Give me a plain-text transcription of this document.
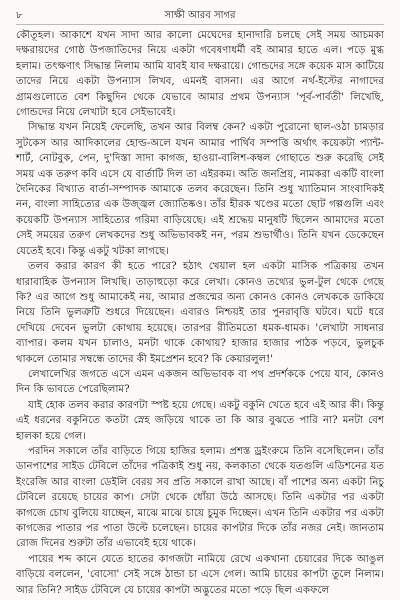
৮	সাক্ষী আরব সাগর

কৌতূহল। আকাশে যখন সাদা আর কালো মেঘেদের হানাদারি চলছে সেই সময় আচমকা দক্ষরায়দের গোষ্ঠ উপজাতিদের নিয়ে একটা গবেষণাধর্মী বই আমার হাতে এল। পড়ে মুগ্ধ হলাম। তৎক্ষণাৎ সিদ্ধান্ত নিলাম আমি যাবই যাব দক্ষরায়ে। গোন্ডদের সঙ্গে কয়েক মাস কাটিয়ে তাদের নিয়ে একটা উপন্যাস লিখব, এমনই বাসনা। এর আগে নর্থ-ইস্টের নাগাদের গ্রামগুলোতে বেশ কিছুদিন থেকে যেভাবে আমার প্রথম উপন্যাস 'পূর্ব-পার্বতী' লিখেছি, গোন্ডদের নিয়ে লেখাটা হবে সেইভাবেই।

সিদ্ধান্ত যখন নিয়েই ফেলেছি, তখন আর বিলম্ব কেন? একটা পুরোনো ছাল-ওঠা চামড়ার সুটকেস আর আদিকালের হোল্ড-অলে যখন আমার পার্থিব সম্পত্তি অর্থাৎ কয়েকটা প্যান্ট-শার্ট, নোটবুক, পেন, দু'দিস্তা সাদা কাগজ, হাওয়া-বালিশ-কম্বল গোছাতে শুরু করেছি সেই সময় এক তরুণ কবি এসে যে বার্তাটি দিল তা এইরকম। অতি জনপ্রিয়, নামকরা একটি বাংলা দৈনিকের বিখ্যাত বার্তা-সম্পাদক আমাকে তলব করেছেন। তিনি শুধু খ্যাতিমান সাংবাদিকই নন, বাংলা সাহিত্যের এক উজ্জ্বল জ্যোতিষ্কও। তাঁর হীরক খণ্ডের মতো ছোট গল্পগুলি এবং কয়েকটি উপন্যাস সাহিত্যের গরিমা বাড়িয়েছে। এই শ্রদ্ধেয় মানুষটি ছিলেন আমাদের মতো সেই সময়ের তরুণ লেখকদের শুধু অভিভাবকই নন, পরম শুভার্থীও। তিনি যখন ডেকেছেন যেতেই হবে। কিন্তু একটু খটকা লাগছে।

তলব করার কারণ কী হতে পারে? হঠাৎ খেয়াল হল একটা মাসিক পত্রিকায় তখন ধারাবাহিক উপন্যাস লিখছি। তাড়াহুড়ো করে লেখা। কোনও তথ্যের ভুল-টুল থেকে গেছে কি? এর আগে শুধু আমাকেই নয়, আমার প্রজন্মের অন্য কোনও কোনও লেখককে ডাকিয়ে নিয়ে তিনি ভুলত্রুটি শুধরে দিয়েছেন। এবারও নিশ্চয়ই তার পুনরাবৃত্তি ঘটবে। ঘটে ধরে দেখিয়ে দেবেন ভুলটা কোথায় হয়েছে। তারপর রীতিমতো ধমক-ধামক। 'লেখাটা সাধনার ব্যাপার। কলম যখন চালাও, মনটা থাকে কোথায়? হাজার হাজার পাঠক পড়বে, ভুলচুক থাকলে তোমার সম্বন্ধে তাদের কী ইমপ্রেশন হবে? কি কেয়ারলুল!'

লেখালেখির জগতে এসে এমন একজন অভিভাবক বা পথ প্রদর্শককে পেয়ে যাব, কোনও দিন কি ভাবতে পেরেছিলাম?

যাই হোক তলব করার কারণটা স্পষ্ট হয়ে গেছে। একটু বকুনি খেতে হবে এই আর কী। কিন্তু এই ধরনের বকুনিতে কতটা স্নেহ জড়িয়ে থাকে তা কি আর বুঝতে পারি না? মনটা বেশ হালকা হয়ে গেল।

পরদিন সকালে তাঁর বাড়িতে গিয়ে হাজির হলাম। প্রশস্ত ড্রইংরুমে তিনি বসেছিলেন। তাঁর ডানপাশের সাইড টেবিলে তাঁদের পত্রিকাই শুধু নয়, কলকাতা থেকে যতগুলি এডিশনের যত ইংরেজি আর বাংলা ডেইলি বেরয় সব প্রতি সকালে রাখা আছে। বাঁ পাশের অন্য একটা নিচু টেবিলে রয়েছে চায়ের কাপ। সেটা থেকে ধোঁয়া উঠে আসছে। তিনি একটার পর একটা কাগজে চোখ বুলিয়ে যাচ্ছেন, মাঝে মাঝে চায়ে চুমুক দিচ্ছেন। এখন তিনি একটার পর একটা কাগজের পাতার পর পাতা উল্টে চলেছেন। চায়ের কাপটার দিকে তাঁর নজর নেই। জানতাম রোজ দিনের শুরুটা তাঁর এভাবেই হয়ে থাকে।

পায়ের শব্দ কানে যেতে হাতের কাগজটা নামিয়ে রেখে একখানা চেয়ারের দিকে আঙুল বাড়িয়ে বললেন, 'বোসো' সেই সঙ্গে ঠান্ডা চা এসে গেল। আমি চায়ের কাপটা তুলে নিলাম। আর তিনি? সাইড টেবিলে যে চায়ের কাপটা অদ্ভুতের মতো পড়ে ছিল একফলে
